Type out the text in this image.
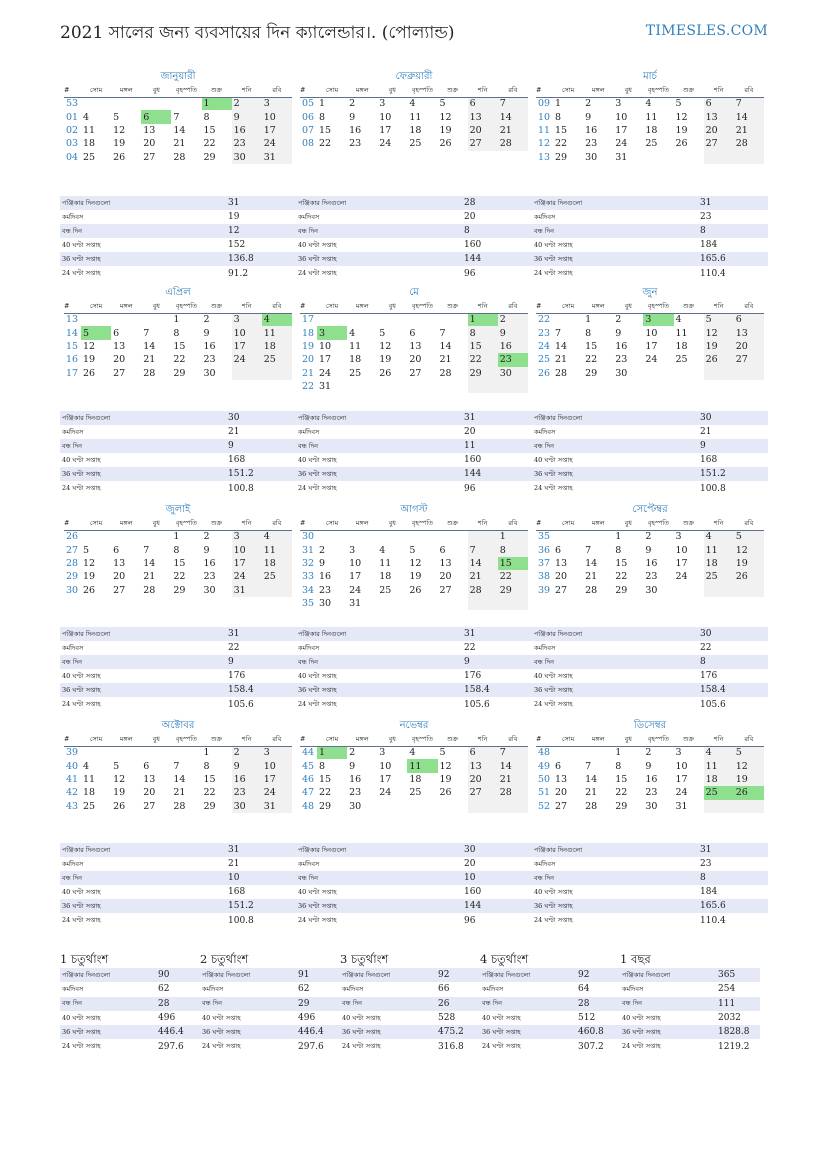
2021 সালের জন্য ব্যবসায়ের দিন ক্যালেন্ডার।. (পোল্যান্ড)	TIMESLES.COM
জানুয়ারী
#	সোম	মঙ্গল	বুধ	বৃহস্পতি	শুক্র	শনি	রবি
53					1	2	3
01	4	5	6	7	8	9	10
02	11	12	13	14	15	16	17
03	18	19	20	21	22	23	24
04	25	26	27	28	29	30	31
পঞ্জিকার দিনগুলো	31
কর্মদিবস	19
বন্ধ দিন	12
40 ঘণ্টা সপ্তাহ	152
36 ঘণ্টা সপ্তাহ	136.8
24 ঘণ্টা সপ্তাহ	91.2
ফেব্রুয়ারী
#	সোম	মঙ্গল	বুধ	বৃহস্পতি	শুক্র	শনি	রবি
05	1	2	3	4	5	6	7
06	8	9	10	11	12	13	14
07	15	16	17	18	19	20	21
08	22	23	24	25	26	27	28
পঞ্জিকার দিনগুলো	28
কর্মদিবস	20
বন্ধ দিন	8
40 ঘণ্টা সপ্তাহ	160
36 ঘণ্টা সপ্তাহ	144
24 ঘণ্টা সপ্তাহ	96
মার্চ
#	সোম	মঙ্গল	বুধ	বৃহস্পতি	শুক্র	শনি	রবি
09	1	2	3	4	5	6	7
10	8	9	10	11	12	13	14
11	15	16	17	18	19	20	21
12	22	23	24	25	26	27	28
13	29	30	31				
পঞ্জিকার দিনগুলো	31
কর্মদিবস	23
বন্ধ দিন	8
40 ঘণ্টা সপ্তাহ	184
36 ঘণ্টা সপ্তাহ	165.6
24 ঘণ্টা সপ্তাহ	110.4
এপ্রিল
#	সোম	মঙ্গল	বুধ	বৃহস্পতি	শুক্র	শনি	রবি
13				1	2	3	4
14	5	6	7	8	9	10	11
15	12	13	14	15	16	17	18
16	19	20	21	22	23	24	25
17	26	27	28	29	30		
পঞ্জিকার দিনগুলো	30
কর্মদিবস	21
বন্ধ দিন	9
40 ঘণ্টা সপ্তাহ	168
36 ঘণ্টা সপ্তাহ	151.2
24 ঘণ্টা সপ্তাহ	100.8
মে
#	সোম	মঙ্গল	বুধ	বৃহস্পতি	শুক্র	শনি	রবি
17						1	2
18	3	4	5	6	7	8	9
19	10	11	12	13	14	15	16
20	17	18	19	20	21	22	23
21	24	25	26	27	28	29	30
22	31						
পঞ্জিকার দিনগুলো	31
কর্মদিবস	20
বন্ধ দিন	11
40 ঘণ্টা সপ্তাহ	160
36 ঘণ্টা সপ্তাহ	144
24 ঘণ্টা সপ্তাহ	96
জুন
#	সোম	মঙ্গল	বুধ	বৃহস্পতি	শুক্র	শনি	রবি
22		1	2	3	4	5	6
23	7	8	9	10	11	12	13
24	14	15	16	17	18	19	20
25	21	22	23	24	25	26	27
26	28	29	30				
পঞ্জিকার দিনগুলো	30
কর্মদিবস	21
বন্ধ দিন	9
40 ঘণ্টা সপ্তাহ	168
36 ঘণ্টা সপ্তাহ	151.2
24 ঘণ্টা সপ্তাহ	100.8
জুলাই
#	সোম	মঙ্গল	বুধ	বৃহস্পতি	শুক্র	শনি	রবি
26				1	2	3	4
27	5	6	7	8	9	10	11
28	12	13	14	15	16	17	18
29	19	20	21	22	23	24	25
30	26	27	28	29	30	31	
পঞ্জিকার দিনগুলো	31
কর্মদিবস	22
বন্ধ দিন	9
40 ঘণ্টা সপ্তাহ	176
36 ঘণ্টা সপ্তাহ	158.4
24 ঘণ্টা সপ্তাহ	105.6
আগস্ট
#	সোম	মঙ্গল	বুধ	বৃহস্পতি	শুক্র	শনি	রবি
30							1
31	2	3	4	5	6	7	8
32	9	10	11	12	13	14	15
33	16	17	18	19	20	21	22
34	23	24	25	26	27	28	29
35	30	31					
পঞ্জিকার দিনগুলো	31
কর্মদিবস	22
বন্ধ দিন	9
40 ঘণ্টা সপ্তাহ	176
36 ঘণ্টা সপ্তাহ	158.4
24 ঘণ্টা সপ্তাহ	105.6
সেপ্টেম্বর
#	সোম	মঙ্গল	বুধ	বৃহস্পতি	শুক্র	শনি	রবি
35			1	2	3	4	5
36	6	7	8	9	10	11	12
37	13	14	15	16	17	18	19
38	20	21	22	23	24	25	26
39	27	28	29	30			
পঞ্জিকার দিনগুলো	30
কর্মদিবস	22
বন্ধ দিন	8
40 ঘণ্টা সপ্তাহ	176
36 ঘণ্টা সপ্তাহ	158.4
24 ঘণ্টা সপ্তাহ	105.6
অক্টোবর
#	সোম	মঙ্গল	বুধ	বৃহস্পতি	শুক্র	শনি	রবি
39					1	2	3
40	4	5	6	7	8	9	10
41	11	12	13	14	15	16	17
42	18	19	20	21	22	23	24
43	25	26	27	28	29	30	31
পঞ্জিকার দিনগুলো	31
কর্মদিবস	21
বন্ধ দিন	10
40 ঘণ্টা সপ্তাহ	168
36 ঘণ্টা সপ্তাহ	151.2
24 ঘণ্টা সপ্তাহ	100.8
নভেম্বর
#	সোম	মঙ্গল	বুধ	বৃহস্পতি	শুক্র	শনি	রবি
44	1	2	3	4	5	6	7
45	8	9	10	11	12	13	14
46	15	16	17	18	19	20	21
47	22	23	24	25	26	27	28
48	29	30					
পঞ্জিকার দিনগুলো	30
কর্মদিবস	20
বন্ধ দিন	10
40 ঘণ্টা সপ্তাহ	160
36 ঘণ্টা সপ্তাহ	144
24 ঘণ্টা সপ্তাহ	96
ডিসেম্বর
#	সোম	মঙ্গল	বুধ	বৃহস্পতি	শুক্র	শনি	রবি
48			1	2	3	4	5
49	6	7	8	9	10	11	12
50	13	14	15	16	17	18	19
51	20	21	22	23	24	25	26
52	27	28	29	30	31		
পঞ্জিকার দিনগুলো	31
কর্মদিবস	23
বন্ধ দিন	8
40 ঘণ্টা সপ্তাহ	184
36 ঘণ্টা সপ্তাহ	165.6
24 ঘণ্টা সপ্তাহ	110.4
1 চতুর্থাংশ
পঞ্জিকার দিনগুলো	90
কর্মদিবস	62
বন্ধ দিন	28
40 ঘণ্টা সপ্তাহ	496
36 ঘণ্টা সপ্তাহ	446.4
24 ঘণ্টা সপ্তাহ	297.6
2 চতুর্থাংশ
পঞ্জিকার দিনগুলো	91
কর্মদিবস	62
বন্ধ দিন	29
40 ঘণ্টা সপ্তাহ	496
36 ঘণ্টা সপ্তাহ	446.4
24 ঘণ্টা সপ্তাহ	297.6
3 চতুর্থাংশ
পঞ্জিকার দিনগুলো	92
কর্মদিবস	66
বন্ধ দিন	26
40 ঘণ্টা সপ্তাহ	528
36 ঘণ্টা সপ্তাহ	475.2
24 ঘণ্টা সপ্তাহ	316.8
4 চতুর্থাংশ
পঞ্জিকার দিনগুলো	92
কর্মদিবস	64
বন্ধ দিন	28
40 ঘণ্টা সপ্তাহ	512
36 ঘণ্টা সপ্তাহ	460.8
24 ঘণ্টা সপ্তাহ	307.2
1 বছর
পঞ্জিকার দিনগুলো	365
কর্মদিবস	254
বন্ধ দিন	111
40 ঘণ্টা সপ্তাহ	2032
36 ঘণ্টা সপ্তাহ	1828.8
24 ঘণ্টা সপ্তাহ	1219.2
